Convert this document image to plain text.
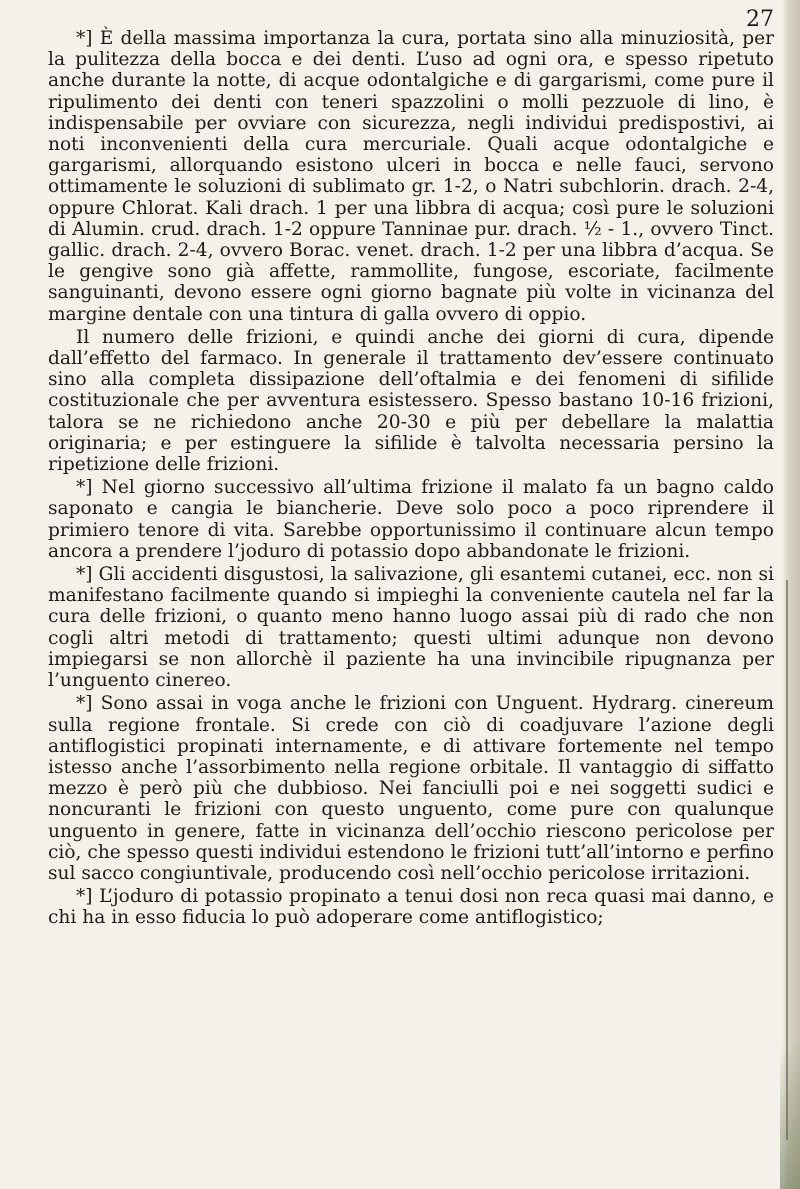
27

*] È della massima importanza la cura, portata sino alla minuziosità, per la pulitezza della bocca e dei denti. L’uso ad ogni ora, e spesso ripetuto anche durante la notte, di acque odontalgiche e di gargarismi, come pure il ripulimento dei denti con teneri spazzolini o molli pezzuole di lino, è indispensabile per ovviare con sicurezza, negli individui predispostivi, ai noti inconvenienti della cura mercuriale. Quali acque odontalgiche e gargarismi, allorquando esistono ulceri in bocca e nelle fauci, servono ottimamente le soluzioni di sublimato gr. 1-2, o Natri subchlorin. drach. 2-4, oppure Chlorat. Kali drach. 1 per una libbra di acqua; così pure le soluzioni di Alumin. crud. drach. 1-2 oppure Tanninae pur. drach. ½ - 1., ovvero Tinct. gallic. drach. 2-4, ovvero Borac. venet. drach. 1-2 per una libbra d’acqua. Se le gengive sono già affette, rammollite, fungose, escoriate, facilmente sanguinanti, devono essere ogni giorno bagnate più volte in vicinanza del margine dentale con una tintura di galla ovvero di oppio.

Il numero delle frizioni, e quindi anche dei giorni di cura, dipende dall’effetto del farmaco. In generale il trattamento dev’essere continuato sino alla completa dissipazione dell’oftalmia e dei fenomeni di sifilide costituzionale che per avventura esistessero. Spesso bastano 10-16 frizioni, talora se ne richiedono anche 20-30 e più per debellare la malattia originaria; e per estinguere la sifilide è talvolta necessaria persino la ripetizione delle frizioni.

*] Nel giorno successivo all’ultima frizione il malato fa un bagno caldo saponato e cangia le biancherie. Deve solo poco a poco riprendere il primiero tenore di vita. Sarebbe opportunissimo il continuare alcun tempo ancora a prendere l’joduro di potassio dopo abbandonate le frizioni.

*] Gli accidenti disgustosi, la salivazione, gli esantemi cutanei, ecc. non si manifestano facilmente quando si impieghi la conveniente cautela nel far la cura delle frizioni, o quanto meno hanno luogo assai più di rado che non cogli altri metodi di trattamento; questi ultimi adunque non devono impiegarsi se non allorchè il paziente ha una invincibile ripugnanza per l’unguento cinereo.

*] Sono assai in voga anche le frizioni con Unguent. Hydrarg. cinereum sulla regione frontale. Si crede con ciò di coadjuvare l’azione degli antiflogistici propinati internamente, e di attivare fortemente nel tempo istesso anche l’assorbimento nella regione orbitale. Il vantaggio di siffatto mezzo è però più che dubbioso. Nei fanciulli poi e nei soggetti sudici e noncuranti le frizioni con questo unguento, come pure con qualunque unguento in genere, fatte in vicinanza dell’occhio riescono pericolose per ciò, che spesso questi individui estendono le frizioni tutt’all’intorno e perfino sul sacco congiuntivale, producendo così nell’occhio pericolose irritazioni.

*] L’joduro di potassio propinato a tenui dosi non reca quasi mai danno, e chi ha in esso fiducia lo può adoperare come antiflogistico;
